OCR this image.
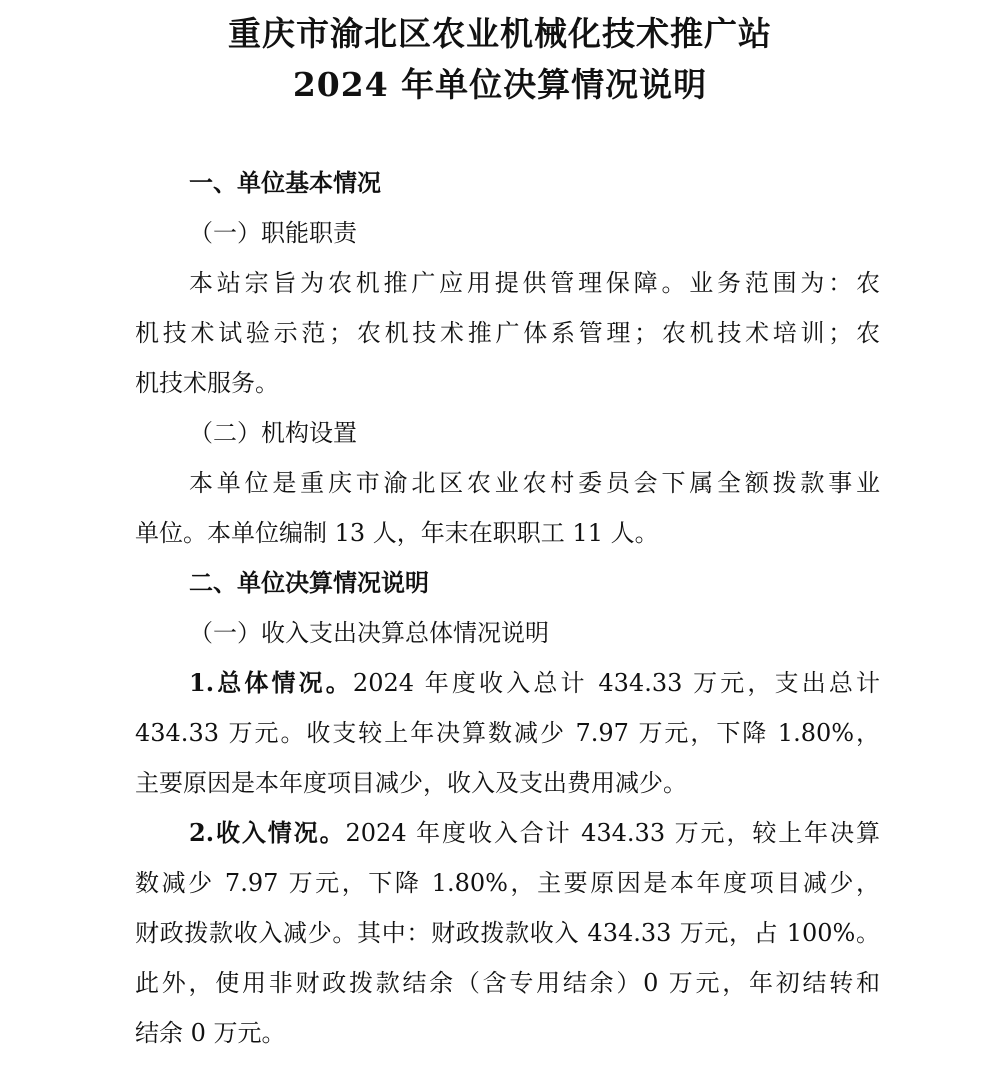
重庆市渝北区农业机械化技术推广站

2024 年单位决算情况说明

一、单位基本情况

（一）职能职责

本站宗旨为农机推广应用提供管理保障。业务范围为：农
机技术试验示范；农机技术推广体系管理；农机技术培训；农
机技术服务。

（二）机构设置

本单位是重庆市渝北区农业农村委员会下属全额拨款事业
单位。本单位编制 13 人，年末在职职工 11 人。

二、单位决算情况说明

（一）收入支出决算总体情况说明

1.总体情况。2024 年度收入总计 434.33 万元，支出总计
434.33 万元。收支较上年决算数减少 7.97 万元，下降 1.80%，
主要原因是本年度项目减少，收入及支出费用减少。
2.收入情况。2024 年度收入合计 434.33 万元，较上年决算
数减少 7.97 万元，下降 1.80%，主要原因是本年度项目减少，
财政拨款收入减少。其中：财政拨款收入 434.33 万元，占 100%。
此外，使用非财政拨款结余（含专用结余）0 万元，年初结转和
结余 0 万元。
